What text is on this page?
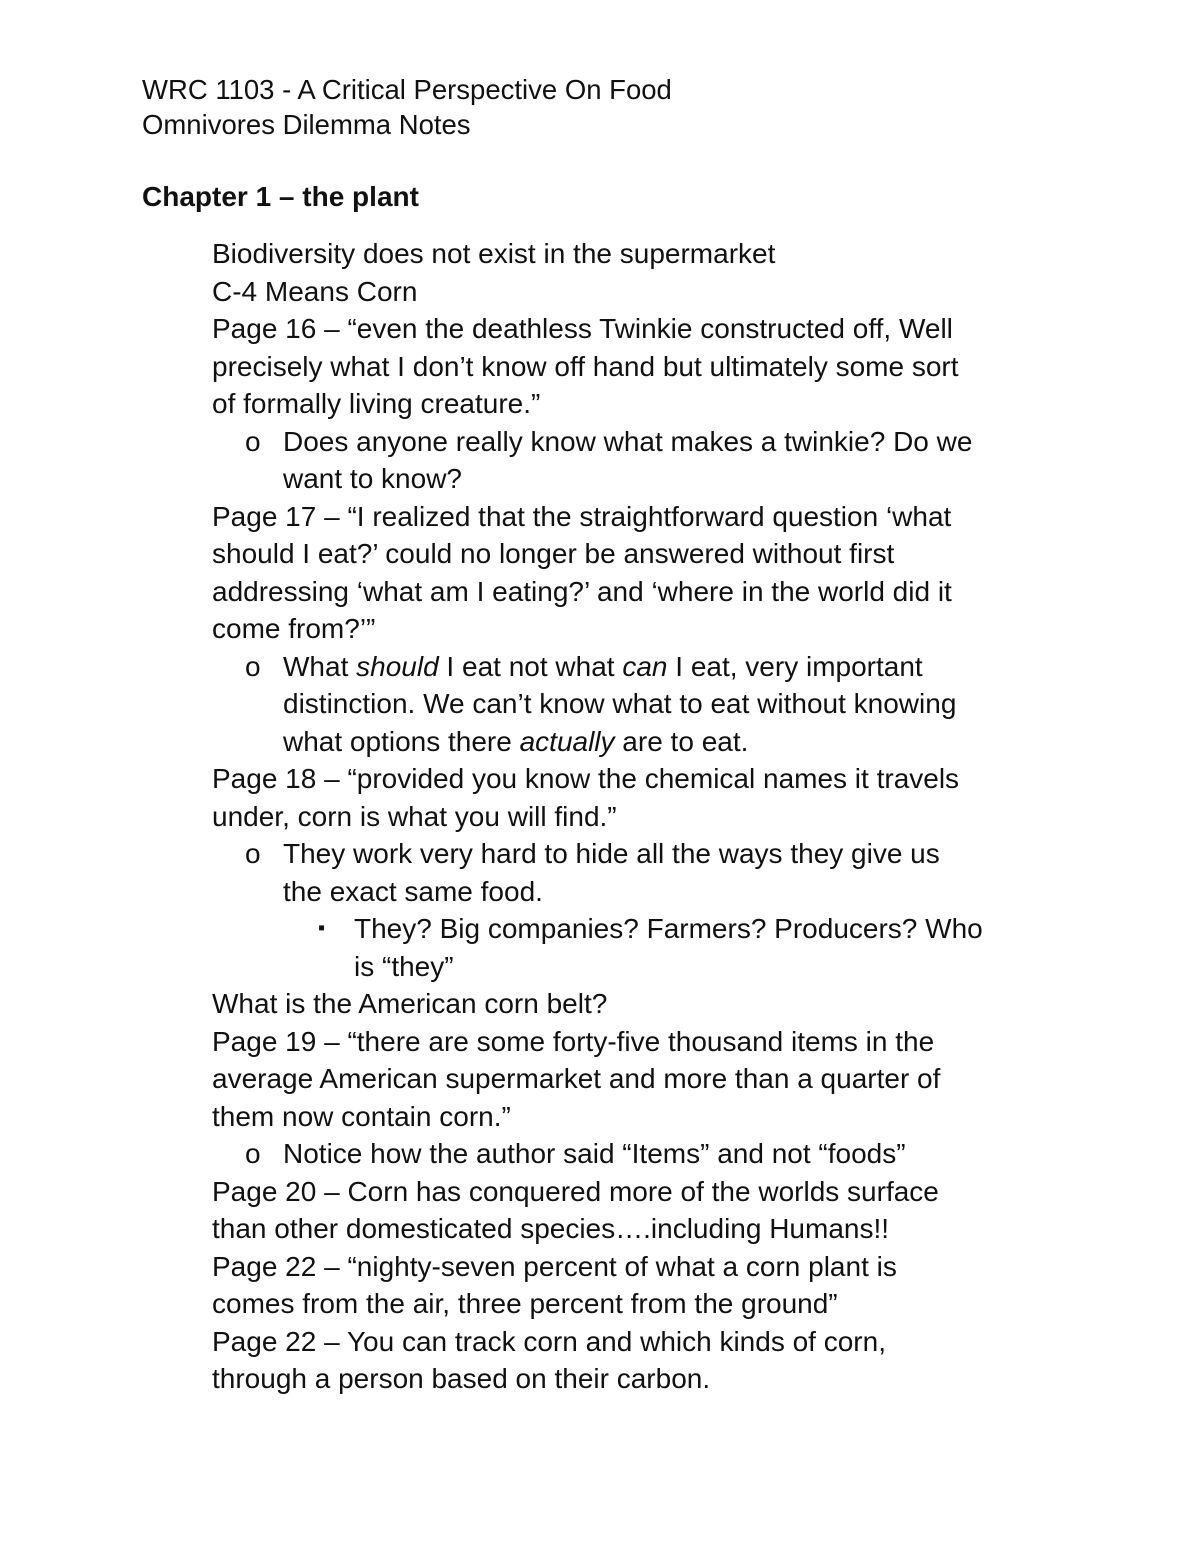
WRC 1103 - A Critical Perspective On Food
Omnivores Dilemma Notes
Chapter 1 – the plant
Biodiversity does not exist in the supermarket
C-4 Means Corn
Page 16 – “even the deathless Twinkie constructed off, Well
precisely what I don’t know off hand but ultimately some sort
of formally living creature.”
o Does anyone really know what makes a twinkie? Do we
want to know?
Page 17 – “I realized that the straightforward question ‘what
should I eat?’ could no longer be answered without first
addressing ‘what am I eating?’ and ‘where in the world did it
come from?’”
o What should I eat not what can I eat, very important
distinction. We can’t know what to eat without knowing
what options there actually are to eat.
Page 18 – “provided you know the chemical names it travels
under, corn is what you will find.”
o They work very hard to hide all the ways they give us
the exact same food.
▪ They? Big companies? Farmers? Producers? Who
is “they”
What is the American corn belt?
Page 19 – “there are some forty-five thousand items in the
average American supermarket and more than a quarter of
them now contain corn.”
o Notice how the author said “Items” and not “foods”
Page 20 – Corn has conquered more of the worlds surface
than other domesticated species….including Humans!!
Page 22 – “nighty-seven percent of what a corn plant is
comes from the air, three percent from the ground”
Page 22 – You can track corn and which kinds of corn,
through a person based on their carbon.
